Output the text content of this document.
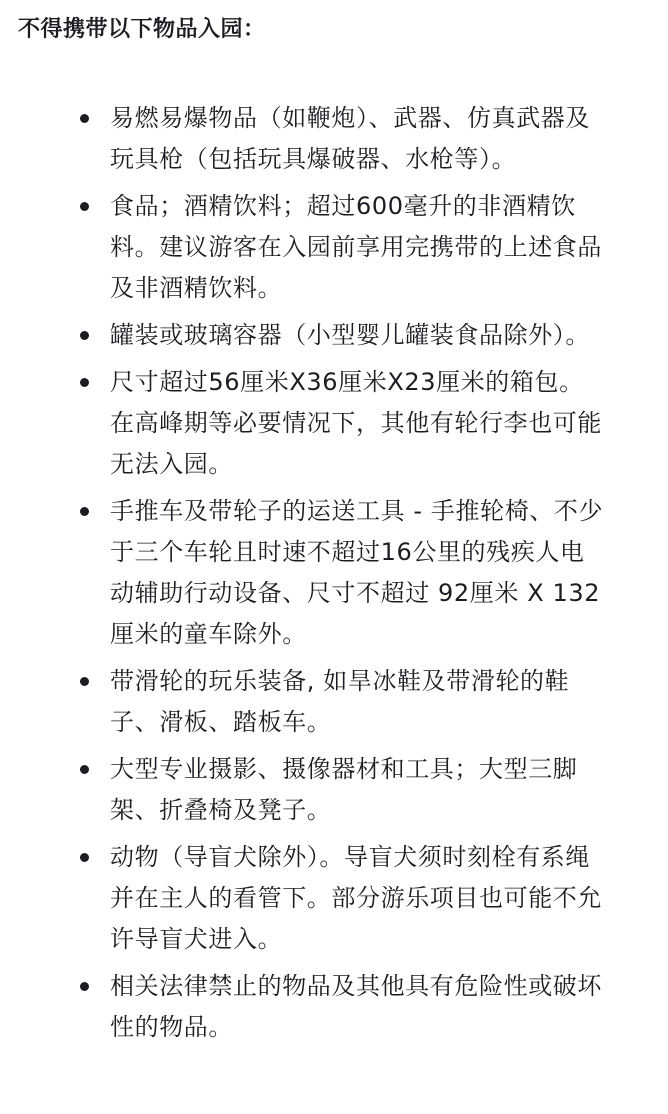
不得携带以下物品入园：
易燃易爆物品（如鞭炮）、武器、仿真武器及玩具枪（包括玩具爆破器、水枪等）。
食品；酒精饮料；超过600毫升的非酒精饮料。建议游客在入园前享用完携带的上述食品及非酒精饮料。
罐装或玻璃容器（小型婴儿罐装食品除外）。
尺寸超过56厘米X36厘米X23厘米的箱包。在高峰期等必要情况下，其他有轮行李也可能无法入园。
手推车及带轮子的运送工具 - 手推轮椅、不少于三个车轮且时速不超过16公里的残疾人电动辅助行动设备、尺寸不超过 92厘米 X 132厘米的童车除外。
带滑轮的玩乐装备, 如旱冰鞋及带滑轮的鞋子、滑板、踏板车。
大型专业摄影、摄像器材和工具；大型三脚架、折叠椅及凳子。
动物（导盲犬除外）。导盲犬须时刻栓有系绳并在主人的看管下。部分游乐项目也可能不允许导盲犬进入。
相关法律禁止的物品及其他具有危险性或破坏性的物品。
